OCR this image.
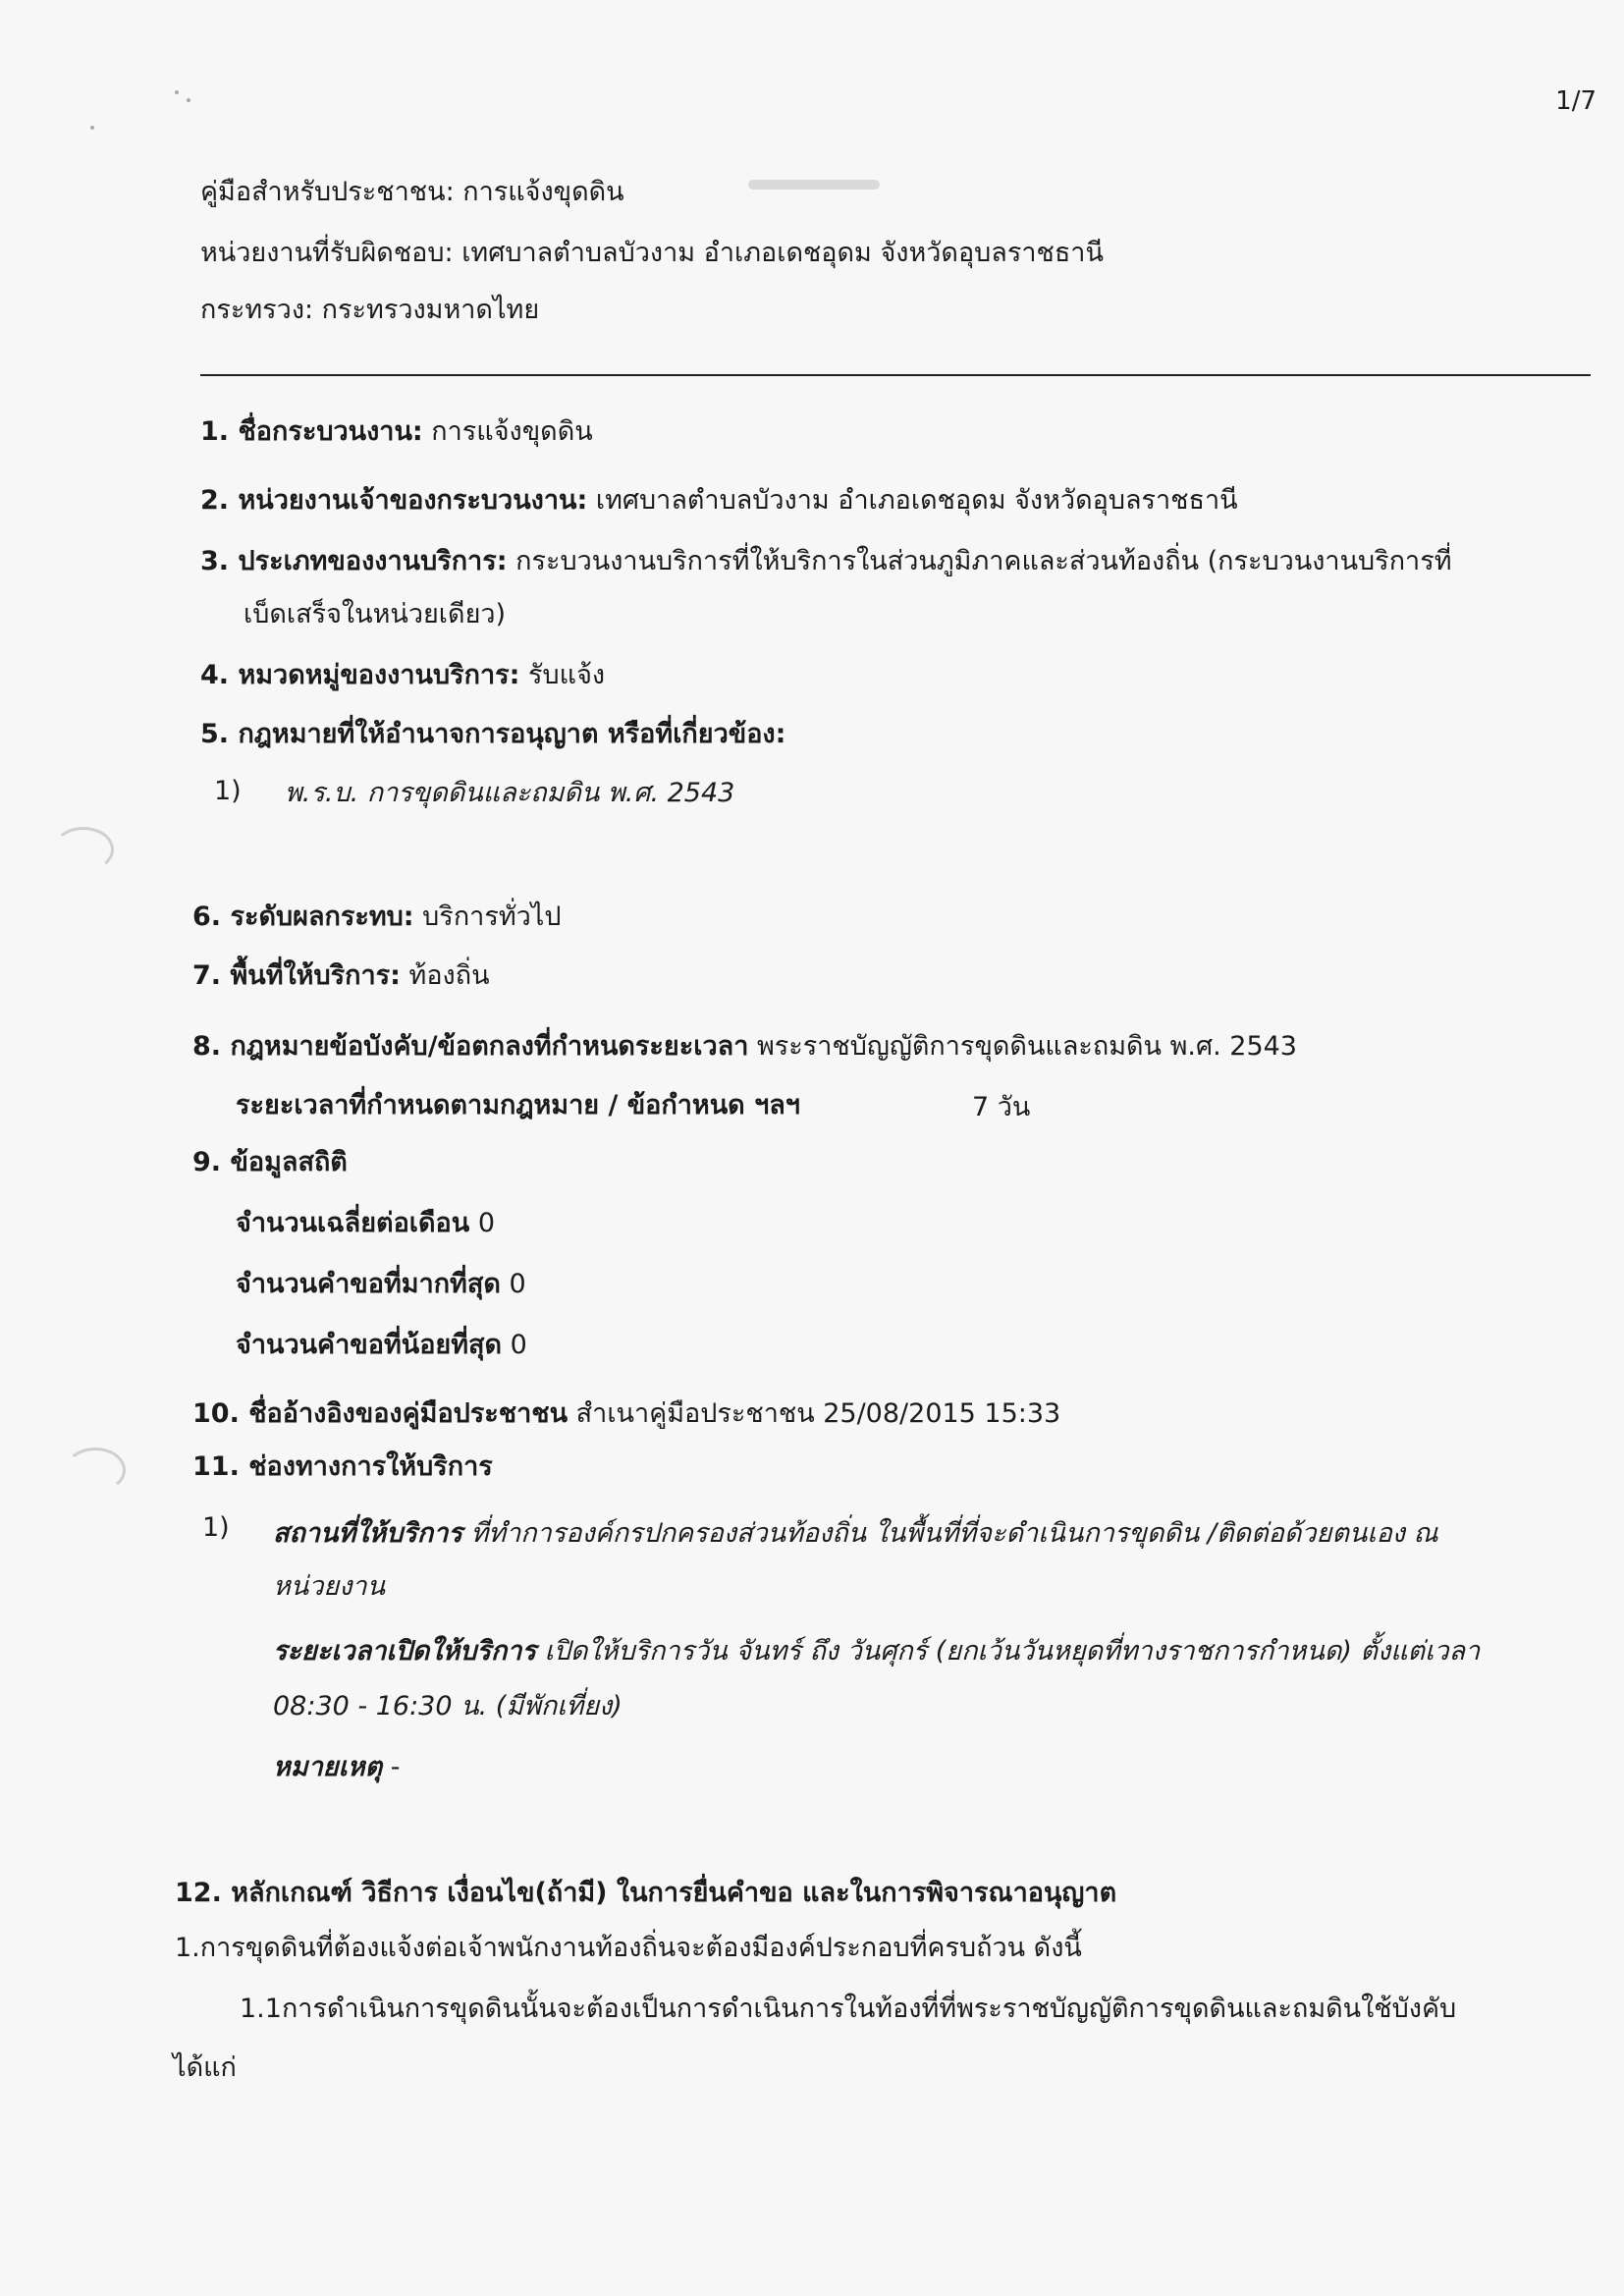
1/7
คู่มือสำหรับประชาชน: การแจ้งขุดดิน
หน่วยงานที่รับผิดชอบ: เทศบาลตำบลบัวงาม อำเภอเดชอุดม จังหวัดอุบลราชธานี
กระทรวง: กระทรวงมหาดไทย
1. ชื่อกระบวนงาน: การแจ้งขุดดิน
2. หน่วยงานเจ้าของกระบวนงาน: เทศบาลตำบลบัวงาม อำเภอเดชอุดม จังหวัดอุบลราชธานี
3. ประเภทของงานบริการ: กระบวนงานบริการที่ให้บริการในส่วนภูมิภาคและส่วนท้องถิ่น (กระบวนงานบริการที่
เบ็ดเสร็จในหน่วยเดียว)
4. หมวดหมู่ของงานบริการ: รับแจ้ง
5. กฎหมายที่ให้อำนาจการอนุญาต หรือที่เกี่ยวข้อง:
1) พ.ร.บ. การขุดดินและถมดิน พ.ศ. 2543
6. ระดับผลกระทบ: บริการทั่วไป
7. พื้นที่ให้บริการ: ท้องถิ่น
8. กฎหมายข้อบังคับ/ข้อตกลงที่กำหนดระยะเวลา พระราชบัญญัติการขุดดินและถมดิน พ.ศ. 2543
ระยะเวลาที่กำหนดตามกฎหมาย / ข้อกำหนด ฯลฯ	7 วัน
9. ข้อมูลสถิติ
จำนวนเฉลี่ยต่อเดือน 0
จำนวนคำขอที่มากที่สุด 0
จำนวนคำขอที่น้อยที่สุด 0
10. ชื่ออ้างอิงของคู่มือประชาชน สำเนาคู่มือประชาชน 25/08/2015 15:33
11. ช่องทางการให้บริการ
1) สถานที่ให้บริการ ที่ทำการองค์กรปกครองส่วนท้องถิ่น ในพื้นที่ที่จะดำเนินการขุดดิน /ติดต่อด้วยตนเอง ณ
หน่วยงาน
ระยะเวลาเปิดให้บริการ เปิดให้บริการวัน จันทร์ ถึง วันศุกร์ (ยกเว้นวันหยุดที่ทางราชการกำหนด) ตั้งแต่เวลา
08:30 - 16:30 น. (มีพักเที่ยง)
หมายเหตุ -
12. หลักเกณฑ์ วิธีการ เงื่อนไข(ถ้ามี) ในการยื่นคำขอ และในการพิจารณาอนุญาต
1.การขุดดินที่ต้องแจ้งต่อเจ้าพนักงานท้องถิ่นจะต้องมีองค์ประกอบที่ครบถ้วน ดังนี้
1.1การดำเนินการขุดดินนั้นจะต้องเป็นการดำเนินการในท้องที่ที่พระราชบัญญัติการขุดดินและถมดินใช้บังคับ
ได้แก่
